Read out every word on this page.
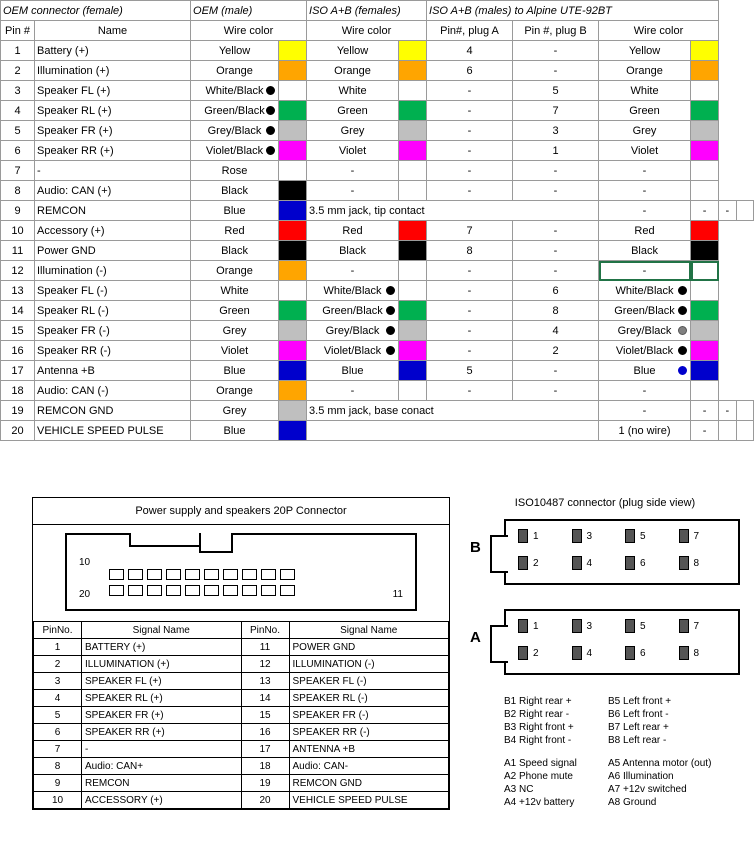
OEM connector (female)		OEM (male)		ISO A+B (females)		ISO A+B (males) to Alpine UTE-92BT					
Pin #	Name	Wire color		Wire color		Pin#, plug A	Pin #, plug B	Wire color			
1	Battery (+)	Yellow		Yellow		4	-	Yellow			
2	Illumination (+)	Orange		Orange		6	-	Orange			
3	Speaker FL (+)	White/Black		White		-	5	White			
4	Speaker RL (+)	Green/Black		Green		-	7	Green			
5	Speaker FR (+)	Grey/Black		Grey		-	3	Grey			
6	Speaker RR (+)	Violet/Black		Violet		-	1	Violet			
7	-	Rose		-		-	-	-			
8	Audio: CAN (+)	Black		-		-	-	-			
9	REMCON	Blue		3.5 mm jack, tip contact				-	-	-	
10	Accessory (+)	Red		Red		7	-	Red			
11	Power GND	Black		Black		8	-	Black			
12	Illumination (-)	Orange		-		-	-	-			
13	Speaker FL (-)	White		White/Black		-	6	White/Black		

14	Speaker RL (-)	Green		Green/Black		-	8	Green/Black		

15	Speaker FR (-)	Grey		Grey/Black		-	4	Grey/Black		

16	Speaker RR (-)	Violet		Violet/Black		-	2	Violet/Black		

17	Antenna +B	Blue		Blue		5	-	Blue		

18	Audio: CAN (-)	Orange		-		-	-	-			
19	REMCON GND	Grey		3.5 mm jack, base conact				-	-	-	
20	VEHICLE SPEED PULSE	Blue						1 (no wire)	-		
Power supply and speakers 20P Connector
10
20	11
PinNo.	Signal Name	PinNo.	Signal Name
1	BATTERY (+)	11	POWER GND
2	ILLUMINATION (+)	12	ILLUMINATION (-)
3	SPEAKER FL (+)	13	SPEAKER FL (-)
4	SPEAKER RL (+)	14	SPEAKER RL (-)
5	SPEAKER FR (+)	15	SPEAKER FR (-)
6	SPEAKER RR (+)	16	SPEAKER RR (-)
7	-	17	ANTENNA +B
8	Audio: CAN+	18	Audio: CAN-
9	REMCON	19	REMCON GND
10	ACCESSORY (+)	20	VEHICLE SPEED PULSE
ISO10487 connector (plug side view)
B
1	3	5	7
2	4	6	8
A
1	3	5	7
2	4	6	8
B1 Right rear +
B2 Right rear -
B3 Right front +
B4 Right front -
B5 Left front +
B6 Left front -
B7 Left rear +
B8 Left rear -
A1 Speed signal
A2 Phone mute
A3 NC
A4 +12v battery
A5 Antenna motor (out)
A6 Illumination
A7 +12v switched
A8 Ground
